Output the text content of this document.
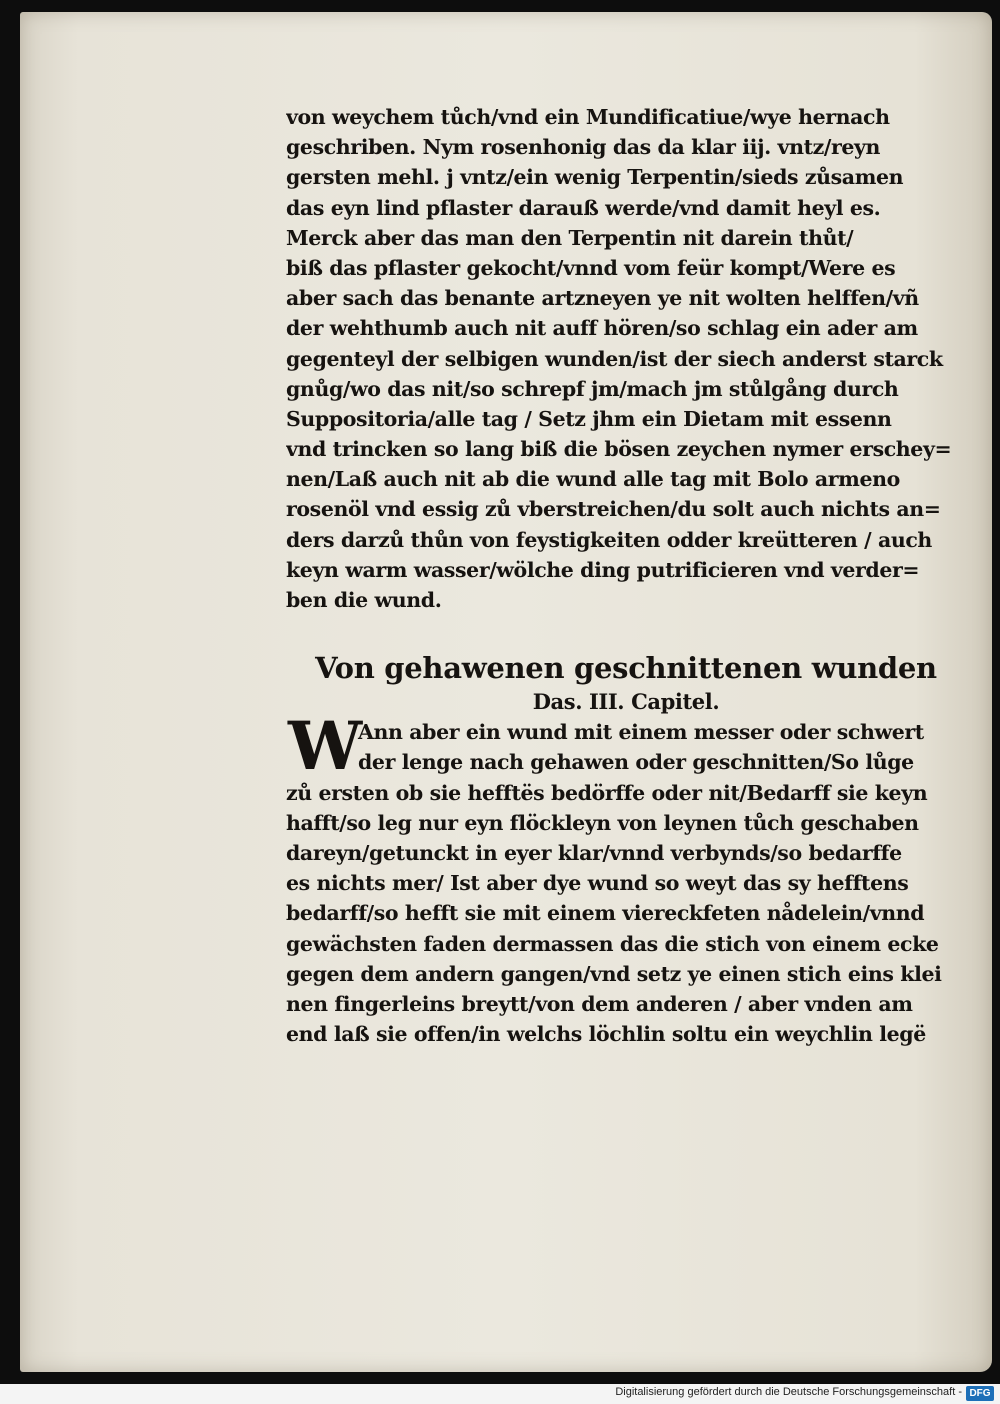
von weychem tůch/vnd ein Mundificatiue/wye hernach
geschriben. Nym rosenhonig das da klar iij. vntz/reyn
gersten mehl. j vntz/ein wenig Terpentin/sieds zůsamen
das eyn lind pflaster darauß werde/vnd damit heyl es.
Merck aber das man den Terpentin nit darein thůt/
biß das pflaster gekocht/vnnd vom feür kompt/Were es
aber sach das benante artzneyen ye nit wolten helffen/vñ
der wehthumb auch nit auff hören/so schlag ein ader am
gegenteyl der selbigen wunden/ist der siech anderst starck
gnůg/wo das nit/so schrepf jm/mach jm stůlgång durch
Suppositoria/alle tag / Setz jhm ein Dietam mit essenn
vnd trincken so lang biß die bösen zeychen nymer erschey=
nen/Laß auch nit ab die wund alle tag mit Bolo armeno
rosenöl vnd essig zů vberstreichen/du solt auch nichts an=
ders darzů thůn von feystigkeiten odder kreütteren / auch
keyn warm wasser/wölche ding putrificieren vnd verder=
ben die wund.
Von gehawenen geschnittenen wunden
Das. III. Capitel.
W
Ann aber ein wund mit einem messer oder schwert
der lenge nach gehawen oder geschnitten/So lůge
zů ersten ob sie hefftës bedörffe oder nit/Bedarff sie keyn
hafft/so leg nur eyn flöckleyn von leynen tůch geschaben
dareyn/getunckt in eyer klar/vnnd verbynds/so bedarffe
es nichts mer/ Ist aber dye wund so weyt das sy hefftens
bedarff/so hefft sie mit einem viereckfeten nådelein/vnnd
gewächsten faden dermassen das die stich von einem ecke
gegen dem andern gangen/vnd setz ye einen stich eins klei
nen fingerleins breytt/von dem anderen / aber vnden am
end laß sie offen/in welchs löchlin soltu ein weychlin legë
Digitalisierung gefördert durch die Deutsche Forschungsgemeinschaft - DFG
